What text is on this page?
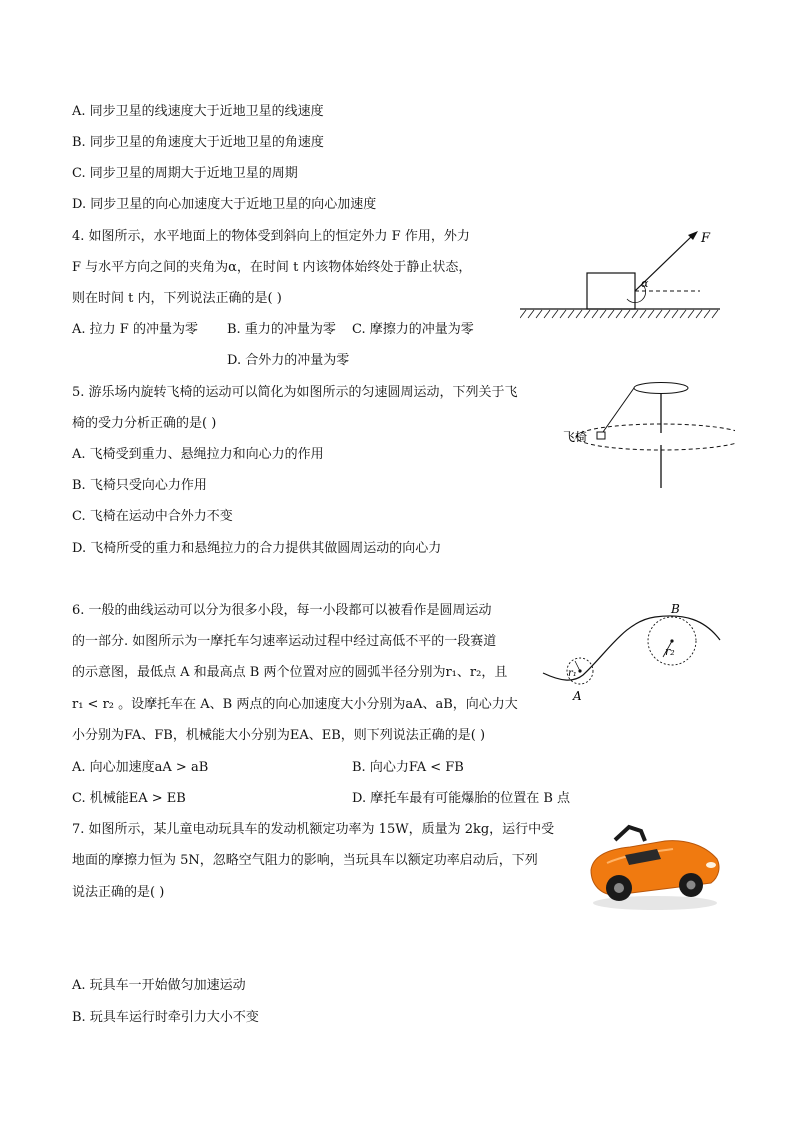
A. 同步卫星的线速度大于近地卫星的线速度
B. 同步卫星的角速度大于近地卫星的角速度
C. 同步卫星的周期大于近地卫星的周期
D. 同步卫星的向心加速度大于近地卫星的向心加速度
4. 如图所示，水平地面上的物体受到斜向上的恒定外力 F 作用，外力
F 与水平方向之间的夹角为α，在时间 t 内该物体始终处于静止状态，
则在时间 t 内，下列说法正确的是( )
A. 拉力 F 的冲量为零 B. 重力的冲量为零 C. 摩擦力的冲量为零
D. 合外力的冲量为零
F
α
5. 游乐场内旋转飞椅的运动可以简化为如图所示的匀速圆周运动，下列关于飞
椅的受力分析正确的是( )
A. 飞椅受到重力、悬绳拉力和向心力的作用
B. 飞椅只受向心力作用
C. 飞椅在运动中合外力不变
D. 飞椅所受的重力和悬绳拉力的合力提供其做圆周运动的向心力
飞椅
6. 一般的曲线运动可以分为很多小段，每一小段都可以被看作是圆周运动
的一部分. 如图所示为一摩托车匀速率运动过程中经过高低不平的一段赛道
的示意图，最低点 A 和最高点 B 两个位置对应的圆弧半径分别为r₁、r₂，且
r₁ < r₂ 。设摩托车在 A、B 两点的向心加速度大小分别为aA、aB，向心力大
小分别为FA、FB，机械能大小分别为EA、EB，则下列说法正确的是( )
A. 向心加速度aA > aB	B. 向心力FA < FB
C. 机械能EA > EB	D. 摩托车最有可能爆胎的位置在 B 点
r₁
r₂
A
B
7. 如图所示，某儿童电动玩具车的发动机额定功率为 15W，质量为 2kg，运行中受
地面的摩擦力恒为 5N，忽略空气阻力的影响，当玩具车以额定功率启动后，下列
说法正确的是( )
A. 玩具车一开始做匀加速运动
B. 玩具车运行时牵引力大小不变
